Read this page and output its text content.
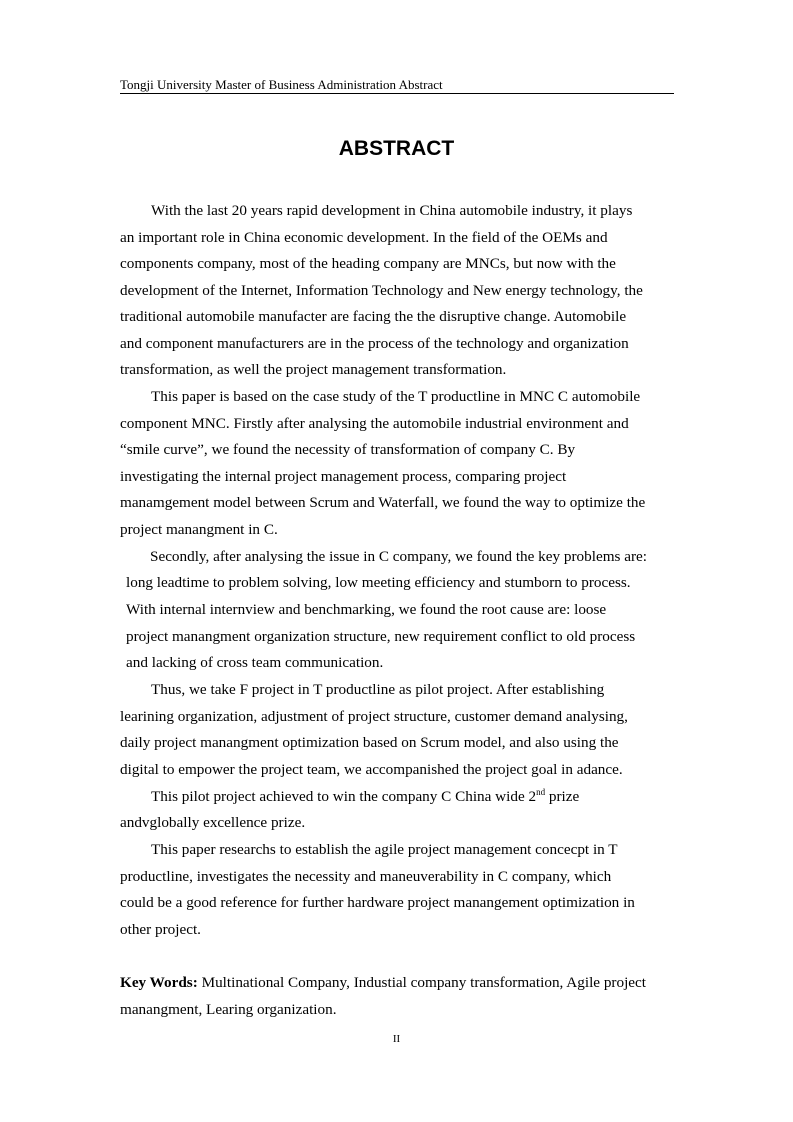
Tongji University Master of Business Administration Abstract
ABSTRACT
With the last 20 years rapid development in China automobile industry, it plays
an important role in China economic development. In the field of the OEMs and
components company, most of the heading company are MNCs, but now with the
development of the Internet, Information Technology and New energy technology, the
traditional automobile manufacter are facing the the disruptive change. Automobile
and component manufacturers are in the process of the technology and organization
transformation, as well the project management transformation.
This paper is based on the case study of the T productline in MNC C automobile
component MNC. Firstly after analysing the automobile industrial environment and
“smile curve”, we found the necessity of transformation of company C. By
investigating the internal project management process, comparing project
manamgement model between Scrum and Waterfall, we found the way to optimize the
project manangment in C.
Secondly, after analysing the issue in C company, we found the key problems are:
long leadtime to problem solving, low meeting efficiency and stumborn to process.
With internal internview and benchmarking, we found the root cause are: loose
project manangment organization structure, new requirement conflict to old process
and lacking of cross team communication.
Thus, we take F project in T productline as pilot project. After establishing
learining organization, adjustment of project structure, customer demand analysing,
daily project manangment optimization based on Scrum model, and also using the
digital to empower the project team, we accompanished the project goal in adance.
This pilot project achieved to win the company C China wide 2nd prize
andvglobally excellence prize.
This paper researchs to establish the agile project management concecpt in T
productline, investigates the necessity and maneuverability in C company, which
could be a good reference for further hardware project manangement optimization in
other project.
Key Words: Multinational Company, Industial company transformation, Agile project
manangment, Learing organization.
II
